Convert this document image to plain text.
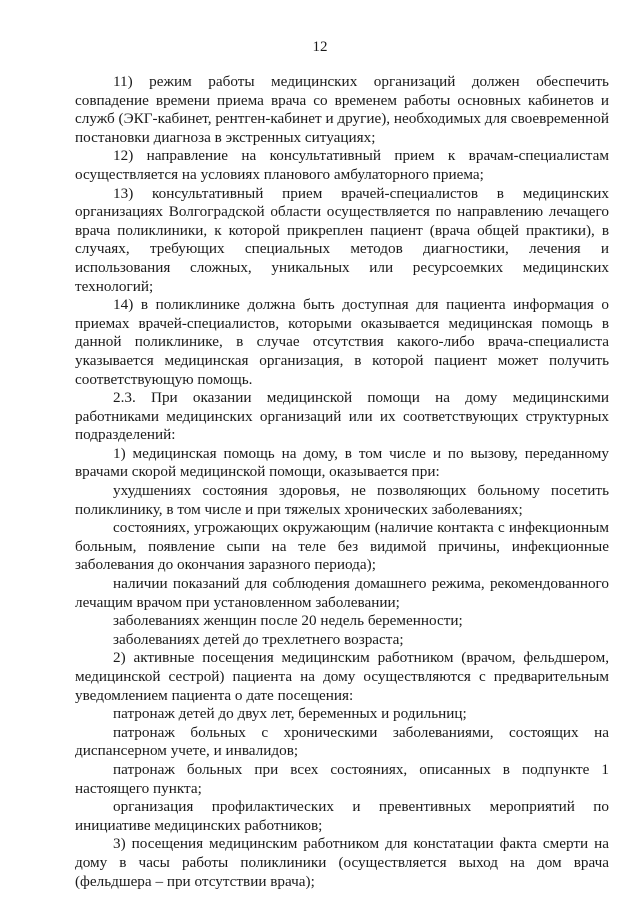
12

11) режим работы медицинских организаций должен обеспечить совпадение времени приема врача со временем работы основных кабинетов и служб (ЭКГ-кабинет, рентген-кабинет и другие), необходимых для своевременной постановки диагноза в экстренных ситуациях;

12) направление на консультативный прием к врачам-специалистам осуществляется на условиях планового амбулаторного приема;

13) консультативный прием врачей-специалистов в медицинских организациях Волгоградской области осуществляется по направлению лечащего врача поликлиники, к которой прикреплен пациент (врача общей практики), в случаях, требующих специальных методов диагностики, лечения и использования сложных, уникальных или ресурсоемких медицинских технологий;

14) в поликлинике должна быть доступная для пациента информация о приемах врачей-специалистов, которыми оказывается медицинская помощь в данной поликлинике, в случае отсутствия какого-либо врача-специалиста указывается медицинская организация, в которой пациент может получить соответствующую помощь.

2.3. При оказании медицинской помощи на дому медицинскими работниками медицинских организаций или их соответствующих структурных подразделений:

1) медицинская помощь на дому, в том числе и по вызову, переданному врачами скорой медицинской помощи, оказывается при:

ухудшениях состояния здоровья, не позволяющих больному посетить поликлинику, в том числе и при тяжелых хронических заболеваниях;

состояниях, угрожающих окружающим (наличие контакта с инфекционным больным, появление сыпи на теле без видимой причины, инфекционные заболевания до окончания заразного периода);

наличии показаний для соблюдения домашнего режима, рекомендованного лечащим врачом при установленном заболевании;

заболеваниях женщин после 20 недель беременности;

заболеваниях детей до трехлетнего возраста;

2) активные посещения медицинским работником (врачом, фельдшером, медицинской сестрой) пациента на дому осуществляются с предварительным уведомлением пациента о дате посещения:

патронаж детей до двух лет, беременных и родильниц;

патронаж больных с хроническими заболеваниями, состоящих на диспансерном учете, и инвалидов;

патронаж больных при всех состояниях, описанных в подпункте 1 настоящего пункта;

организация профилактических и превентивных мероприятий по инициативе медицинских работников;

3) посещения медицинским работником для констатации факта смерти на дому в часы работы поликлиники (осуществляется выход на дом врача (фельдшера – при отсутствии врача);
